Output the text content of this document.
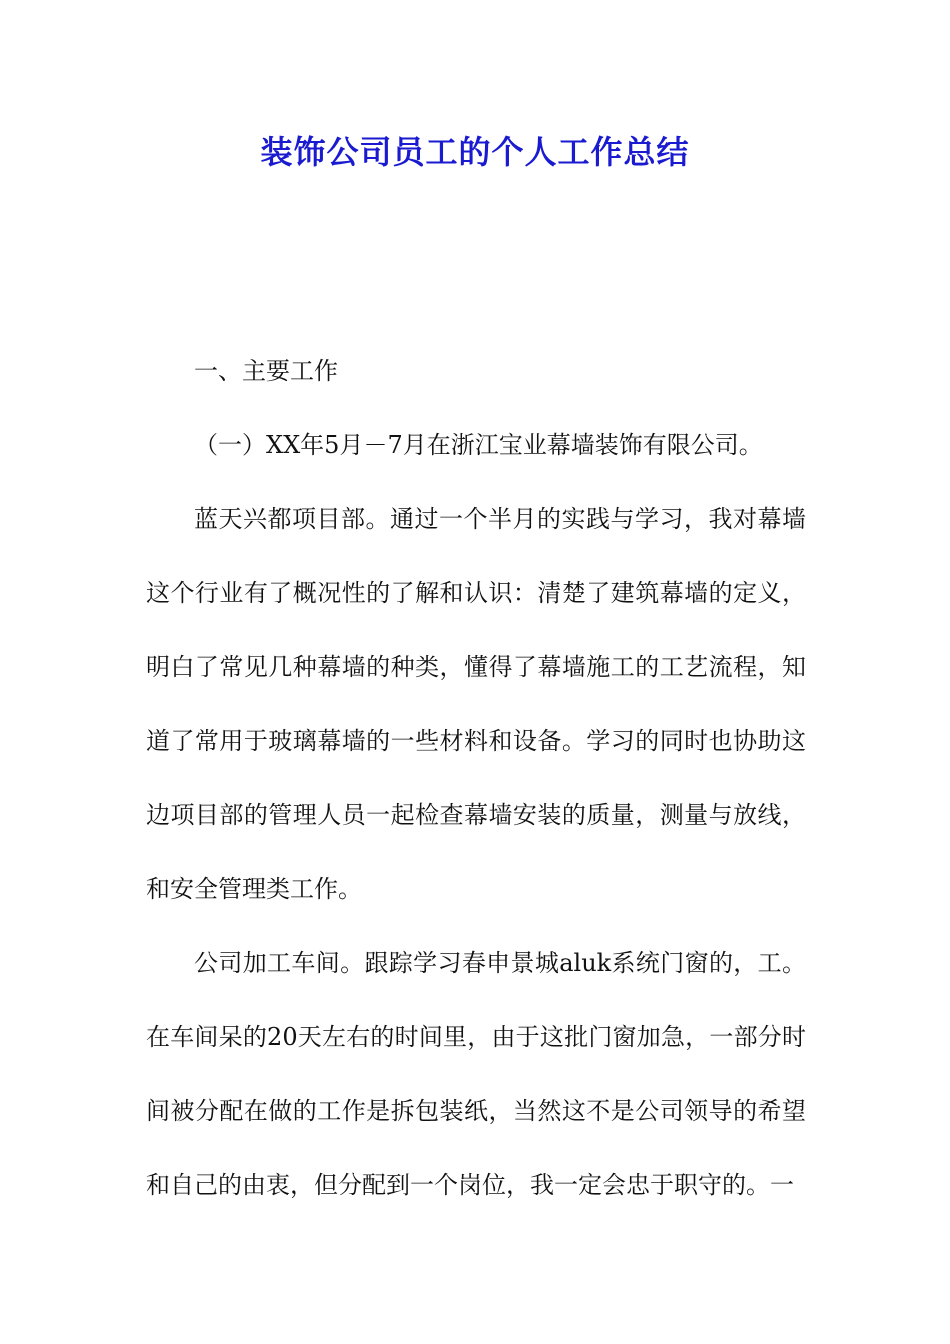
装饰公司员工的个人工作总结

一、主要工作

（一）XX年5月－7月在浙江宝业幕墙装饰有限公司。

蓝天兴都项目部。通过一个半月的实践与学习，我对幕墙这个行业有了概况性的了解和认识：清楚了建筑幕墙的定义，明白了常见几种幕墙的种类，懂得了幕墙施工的工艺流程，知道了常用于玻璃幕墙的一些材料和设备。学习的同时也协助这边项目部的管理人员一起检查幕墙安装的质量，测量与放线，和安全管理类工作。

公司加工车间。跟踪学习春申景城aluk系统门窗的，工。在车间呆的20天左右的时间里，由于这批门窗加急，一部分时间被分配在做的工作是拆包装纸，当然这不是公司领导的希望和自己的由衷，但分配到一个岗位，我一定会忠于职守的。一
